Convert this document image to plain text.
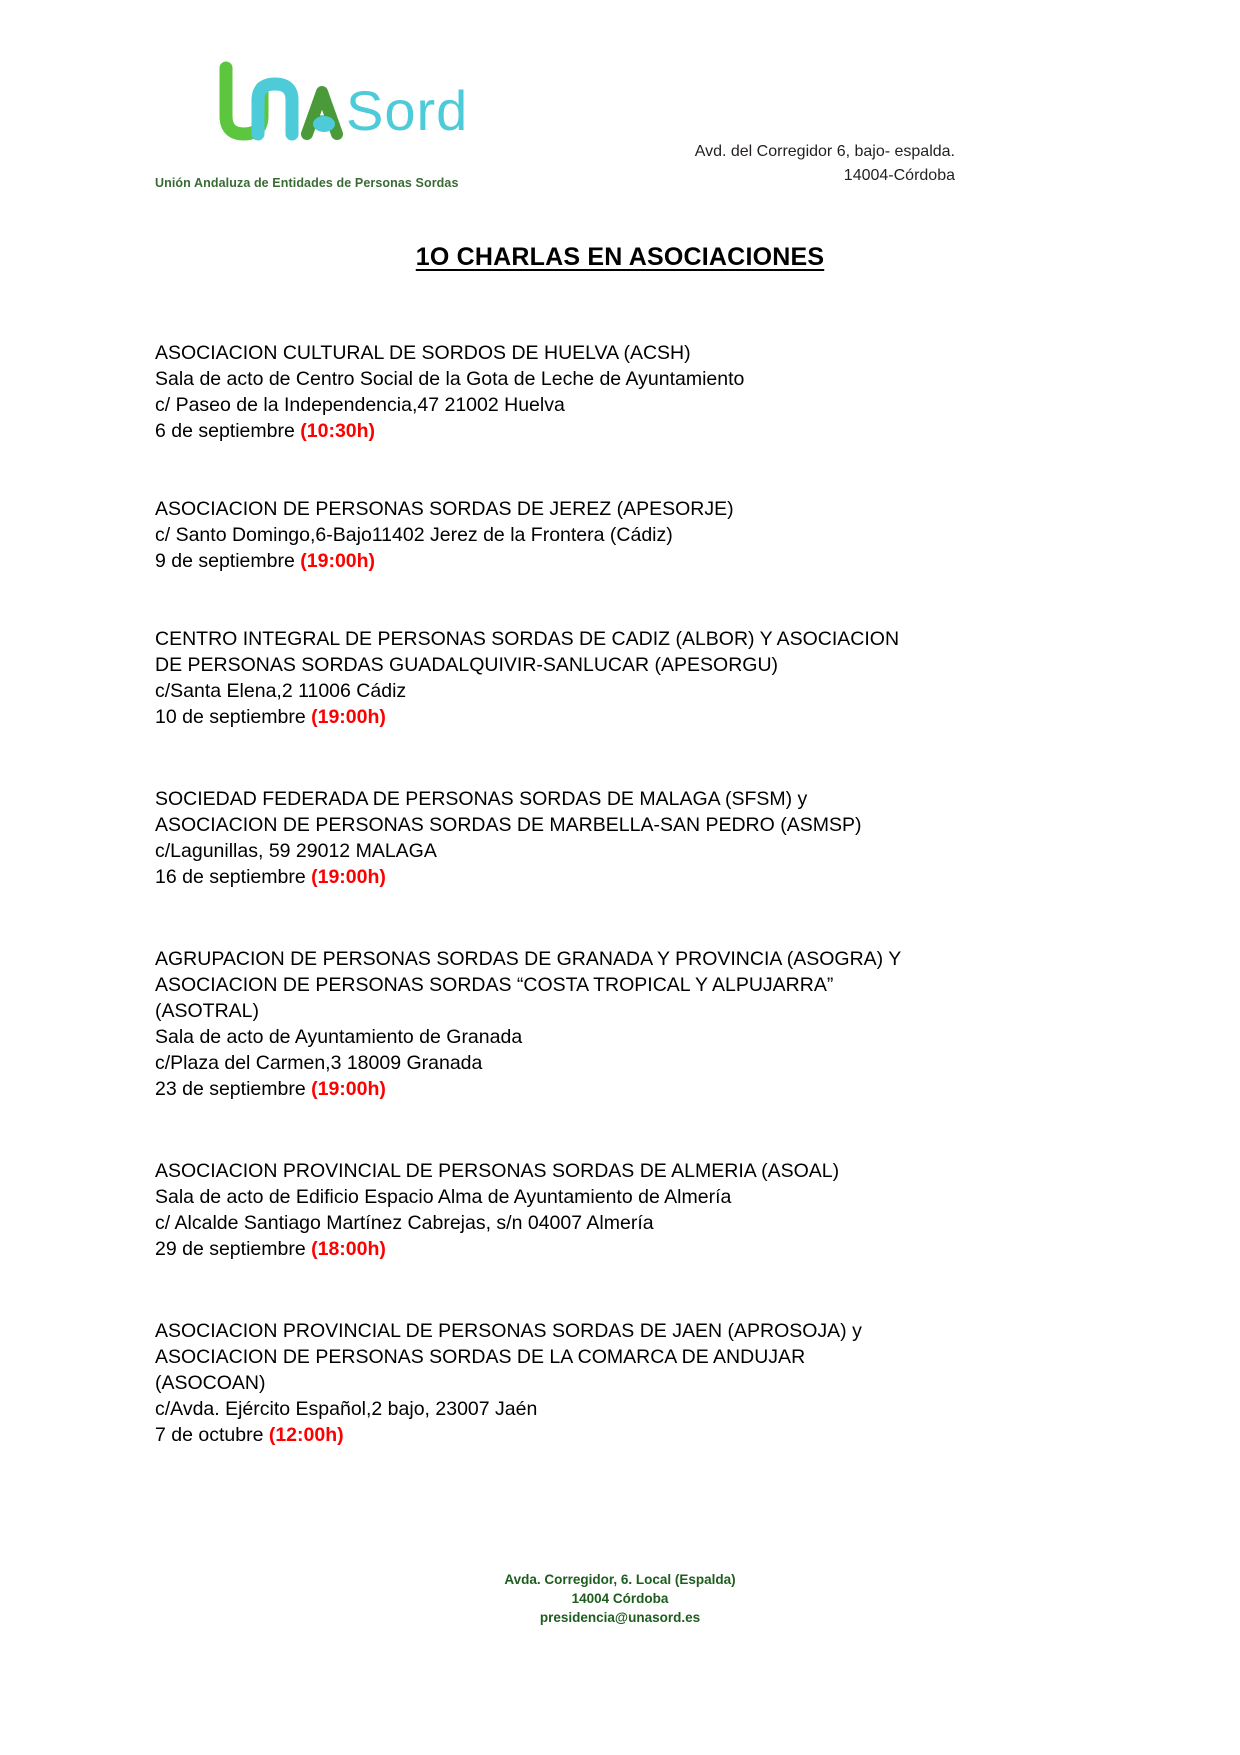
Sord
Unión Andaluza de Entidades de Personas Sordas
Avd. del Corregidor 6, bajo- espalda.
14004-Córdoba
1O CHARLAS EN ASOCIACIONES
ASOCIACION CULTURAL DE SORDOS DE HUELVA (ACSH)
Sala de acto de Centro Social de la Gota de Leche de Ayuntamiento
c/ Paseo de la Independencia,47 21002 Huelva
6 de septiembre (10:30h)
ASOCIACION DE PERSONAS SORDAS DE JEREZ (APESORJE)
c/ Santo Domingo,6-Bajo11402 Jerez de la Frontera (Cádiz)
9 de septiembre (19:00h)
CENTRO INTEGRAL DE PERSONAS SORDAS DE CADIZ (ALBOR) Y ASOCIACION
DE PERSONAS SORDAS GUADALQUIVIR-SANLUCAR (APESORGU)
c/Santa Elena,2 11006 Cádiz
10 de septiembre (19:00h)
SOCIEDAD FEDERADA DE PERSONAS SORDAS DE MALAGA (SFSM) y
ASOCIACION DE PERSONAS SORDAS DE MARBELLA-SAN PEDRO (ASMSP)
c/Lagunillas, 59 29012 MALAGA
16 de septiembre (19:00h)
AGRUPACION DE PERSONAS SORDAS DE GRANADA Y PROVINCIA (ASOGRA) Y
ASOCIACION DE PERSONAS SORDAS “COSTA TROPICAL Y ALPUJARRA”
(ASOTRAL)
Sala de acto de Ayuntamiento de Granada
c/Plaza del Carmen,3 18009 Granada
23 de septiembre (19:00h)
ASOCIACION PROVINCIAL DE PERSONAS SORDAS DE ALMERIA (ASOAL)
Sala de acto de Edificio Espacio Alma de Ayuntamiento de Almería
c/ Alcalde Santiago Martínez Cabrejas, s/n 04007 Almería
29 de septiembre (18:00h)
ASOCIACION PROVINCIAL DE PERSONAS SORDAS DE JAEN (APROSOJA) y
ASOCIACION DE PERSONAS SORDAS DE LA COMARCA DE ANDUJAR
(ASOCOAN)
c/Avda. Ejército Español,2 bajo, 23007 Jaén
7 de octubre (12:00h)
Avda. Corregidor, 6. Local (Espalda)
14004 Córdoba
presidencia@unasord.es
